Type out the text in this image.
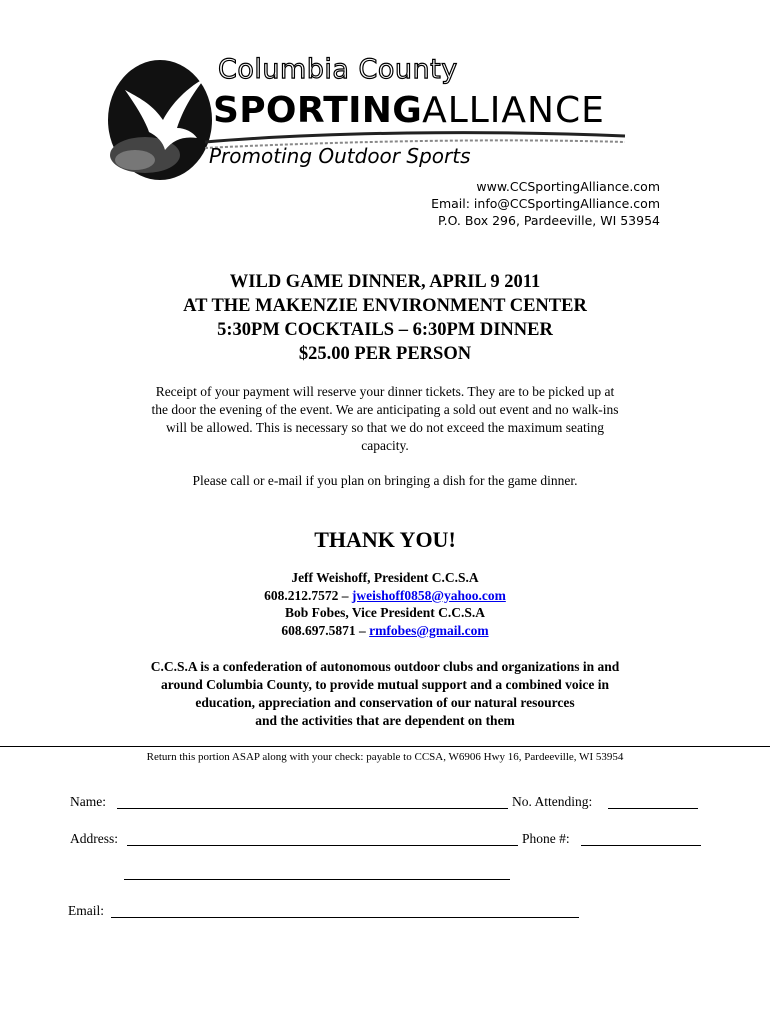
Columbia County
SPORTINGALLIANCE
Promoting Outdoor Sports
www.CCSportingAlliance.com
Email: info@CCSportingAlliance.com
P.O. Box 296, Pardeeville, WI 53954
WILD GAME DINNER, APRIL 9 2011
AT THE MAKENZIE ENVIRONMENT CENTER
5:30PM COCKTAILS – 6:30PM DINNER
$25.00 PER PERSON
Receipt of your payment will reserve your dinner tickets. They are to be picked up at the door the evening of the event. We are anticipating a sold out event and no walk-ins will be allowed. This is necessary so that we do not exceed the maximum seating capacity.
Please call or e-mail if you plan on bringing a dish for the game dinner.
THANK YOU!
Jeff Weishoff, President C.C.S.A
608.212.7572 – jweishoff0858@yahoo.com
Bob Fobes, Vice President C.C.S.A
608.697.5871 – rmfobes@gmail.com
C.C.S.A is a confederation of autonomous outdoor clubs and organizations in and
around Columbia County, to provide mutual support and a combined voice in
education, appreciation and conservation of our natural resources
and the activities that are dependent on them
Return this portion ASAP along with your check: payable to CCSA, W6906 Hwy 16, Pardeeville, WI 53954
Name:	No. Attending:
Address:	Phone #:
Email:
